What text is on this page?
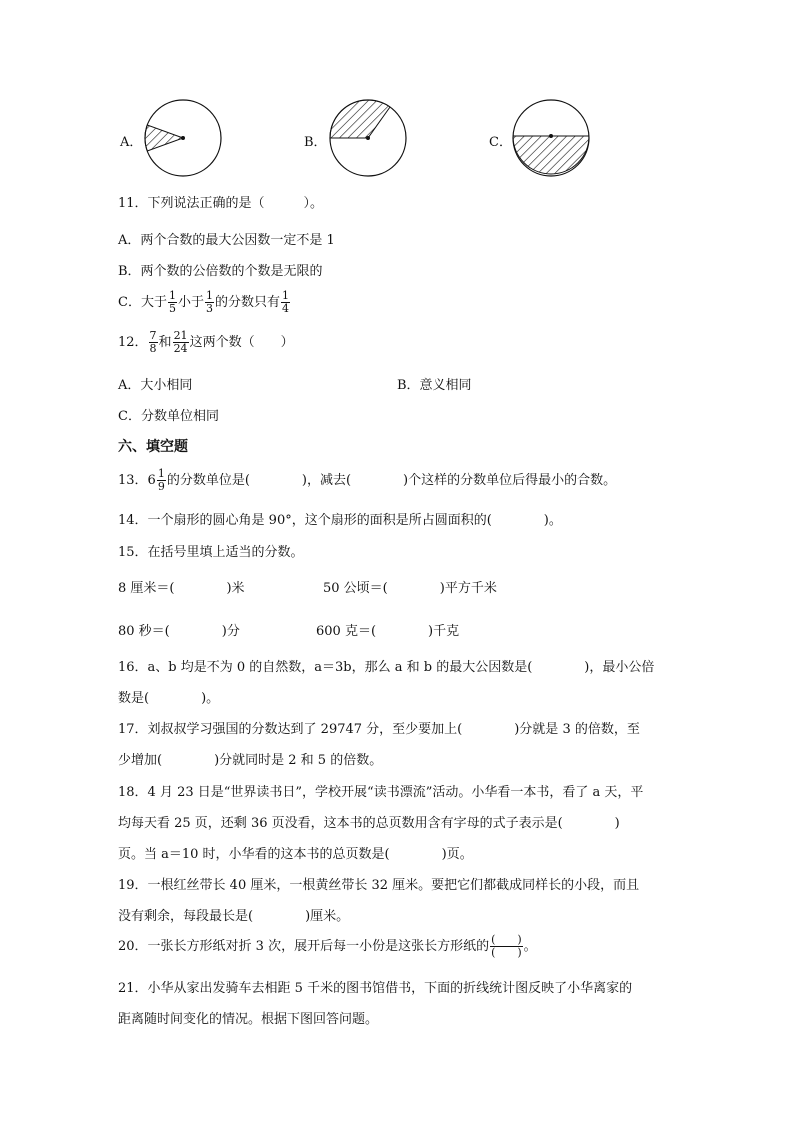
A．	B．	C．
11．下列说法正确的是（　　　）。
A．两个合数的最大公因数一定不是 1
B．两个数的公倍数的个数是无限的
C．大于 $\frac{1}{5}$ 小于 $\frac{1}{3}$ 的分数只有 $\frac{1}{4}$
12． $\frac{7}{8}$ 和 $\frac{21}{24}$ 这两个数（　　）
A．大小相同	B．意义相同
C．分数单位相同
六、填空题
13．$6 \frac{1}{9}$ 的分数单位是(　　　　)，减去(　　　　)个这样的分数单位后得最小的合数。
14．一个扇形的圆心角是 90°，这个扇形的面积是所占圆面积的(　　　　)。
15．在括号里填上适当的分数。
8 厘米＝(　　　　)米	50 公顷＝(　　　　)平方千米
80 秒＝(　　　　)分	600 克＝(　　　　)千克
16．a、b 均是不为 0 的自然数，a＝3b，那么 a 和 b 的最大公因数是(　　　　)，最小公倍
数是(　　　　)。
17．刘叔叔学习强国的分数达到了 29747 分，至少要加上(　　　　)分就是 3 的倍数，至
少增加(　　　　)分就同时是 2 和 5 的倍数。
18．4 月 23 日是“世界读书日”，学校开展“读书漂流”活动。小华看一本书，看了 a 天，平
均每天看 25 页，还剩 36 页没看，这本书的总页数用含有字母的式子表示是(　　　　)
页。当 a＝10 时，小华看的这本书的总页数是(　　　　)页。
19．一根红丝带长 40 厘米，一根黄丝带长 32 厘米。要把它们都截成同样长的小段，而且
没有剩余，每段最长是(　　　　)厘米。
20．一张长方形纸对折 3 次，展开后每一小份是这张长方形纸的 $\frac{( )}{( )}$ 。
21．小华从家出发骑车去相距 5 千米的图书馆借书，下面的折线统计图反映了小华离家的
距离随时间变化的情况。根据下图回答问题。
